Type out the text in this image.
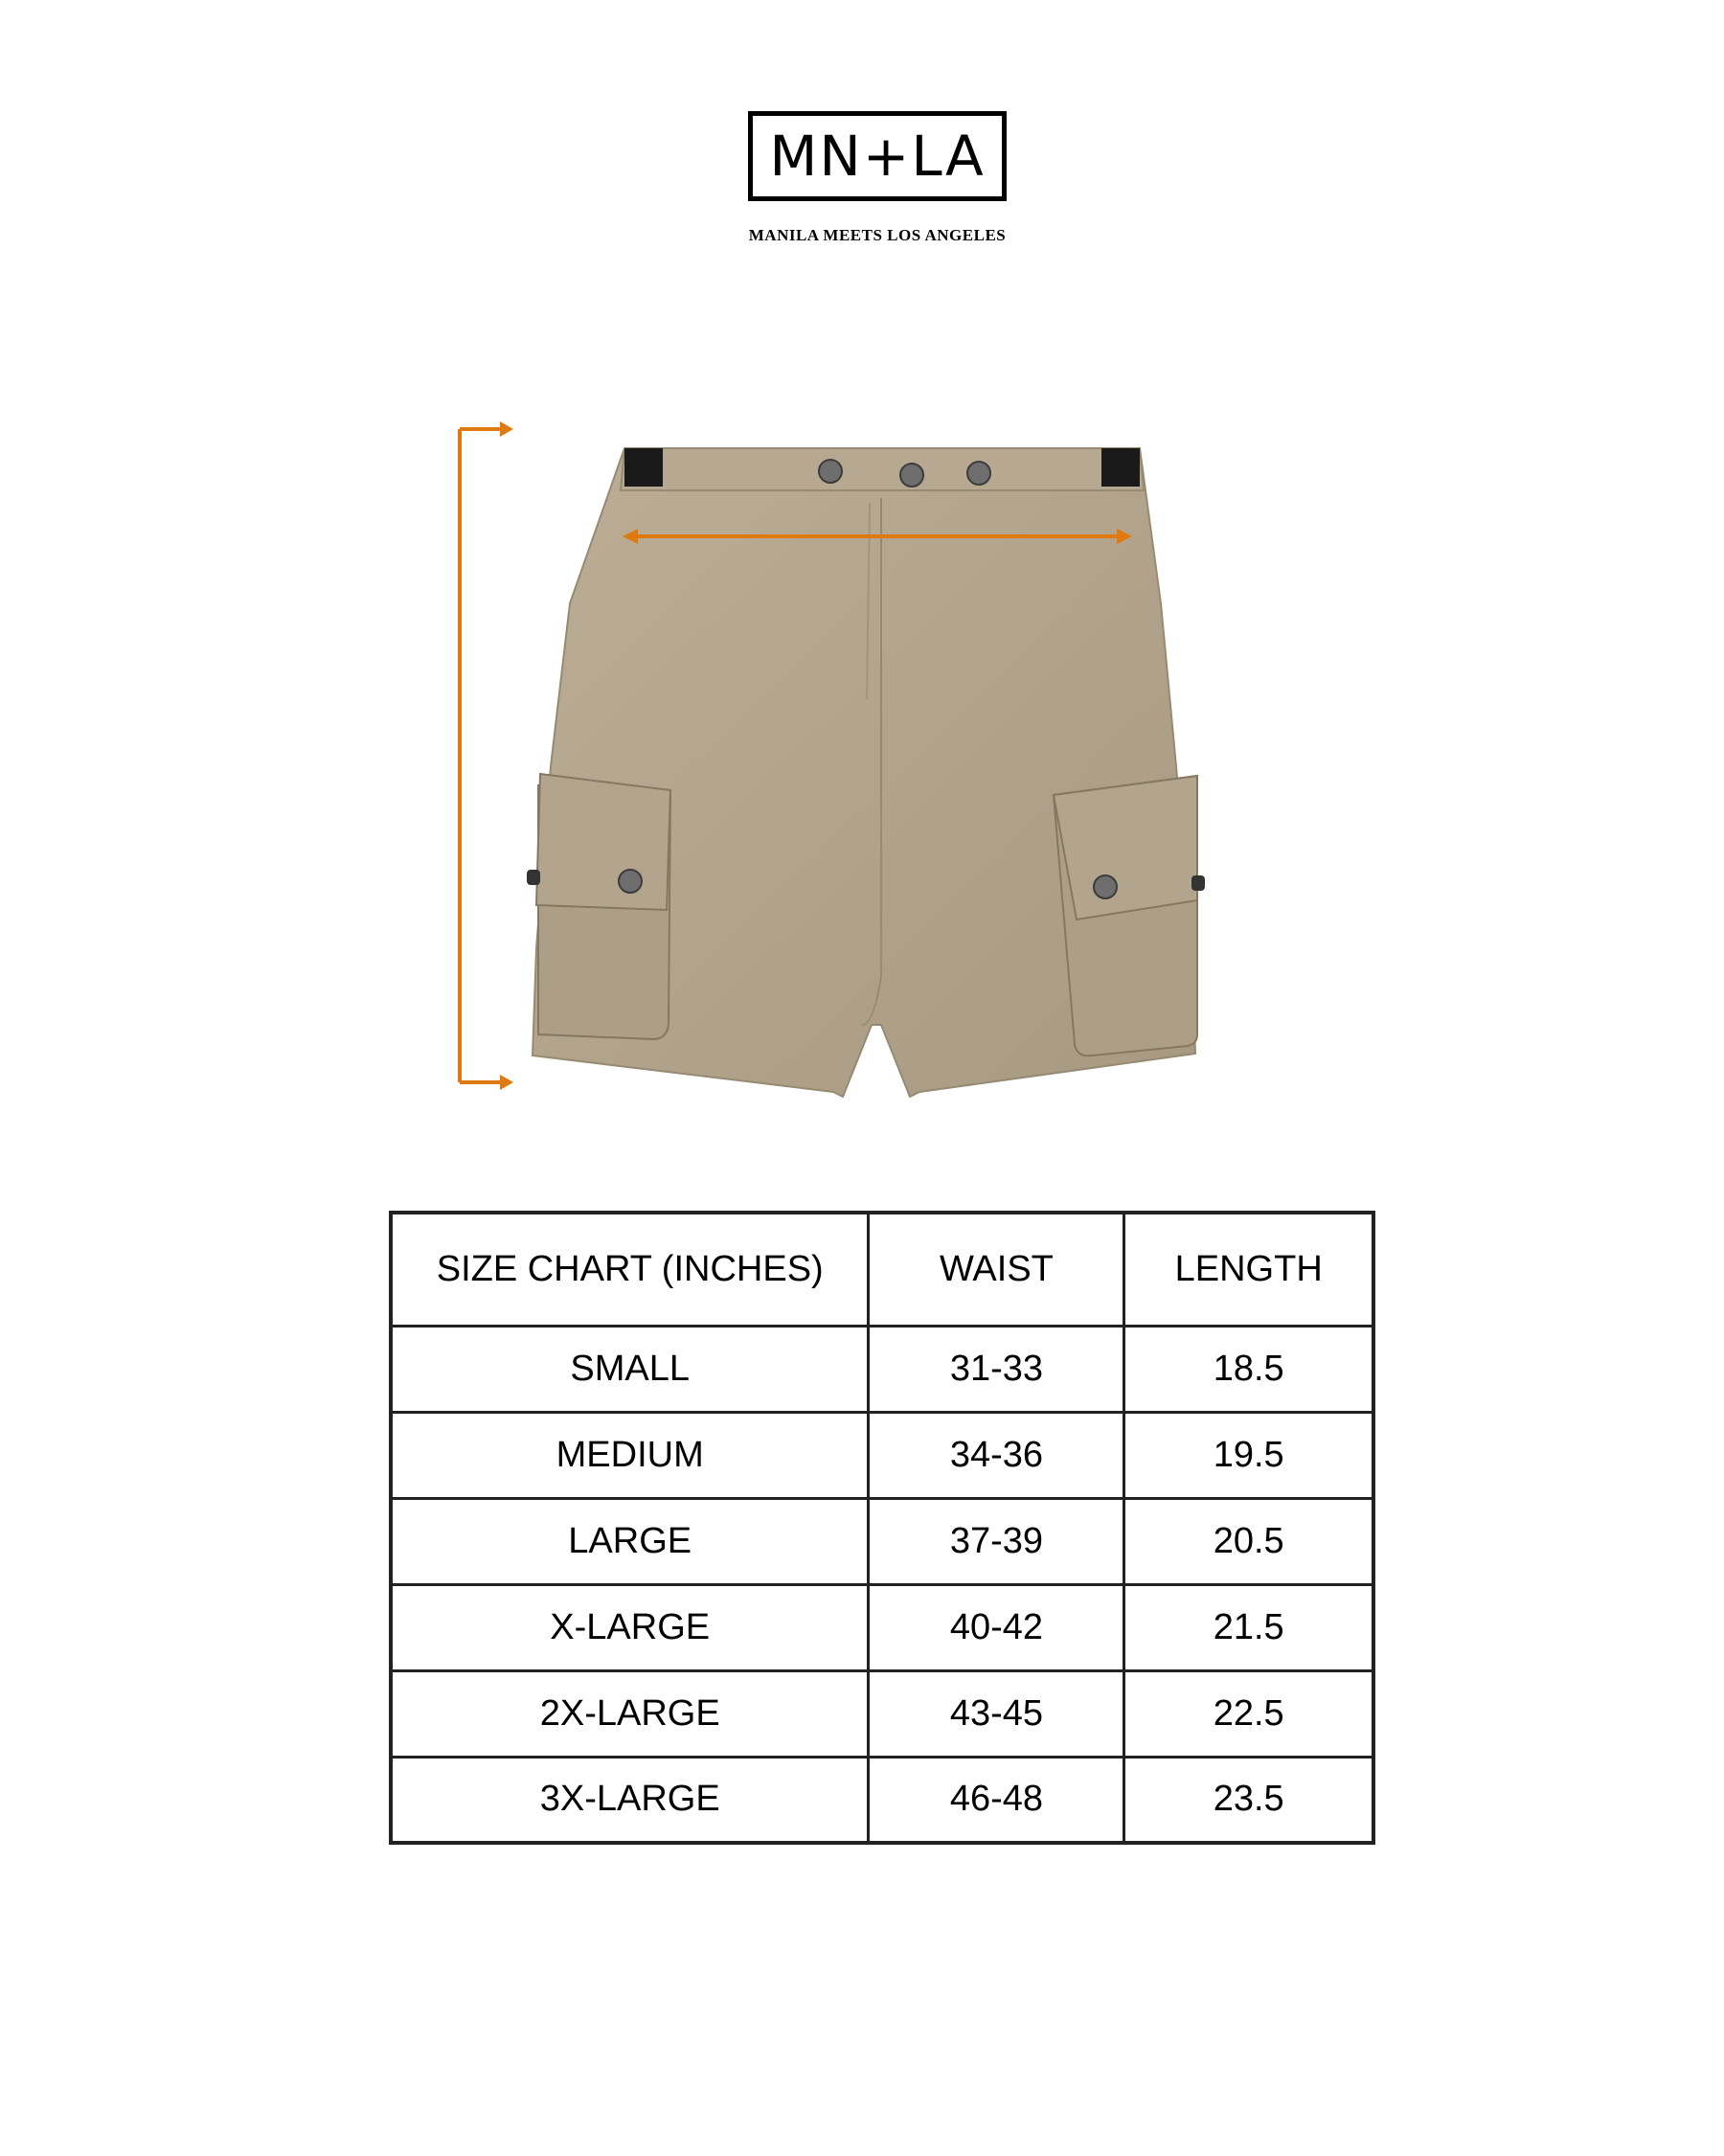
MN+LA
MANILA MEETS LOS ANGELES
SIZE CHART (INCHES)	WAIST	LENGTH
SMALL	31-33	18.5
MEDIUM	34-36	19.5
LARGE	37-39	20.5
X-LARGE	40-42	21.5
2X-LARGE	43-45	22.5
3X-LARGE	46-48	23.5
